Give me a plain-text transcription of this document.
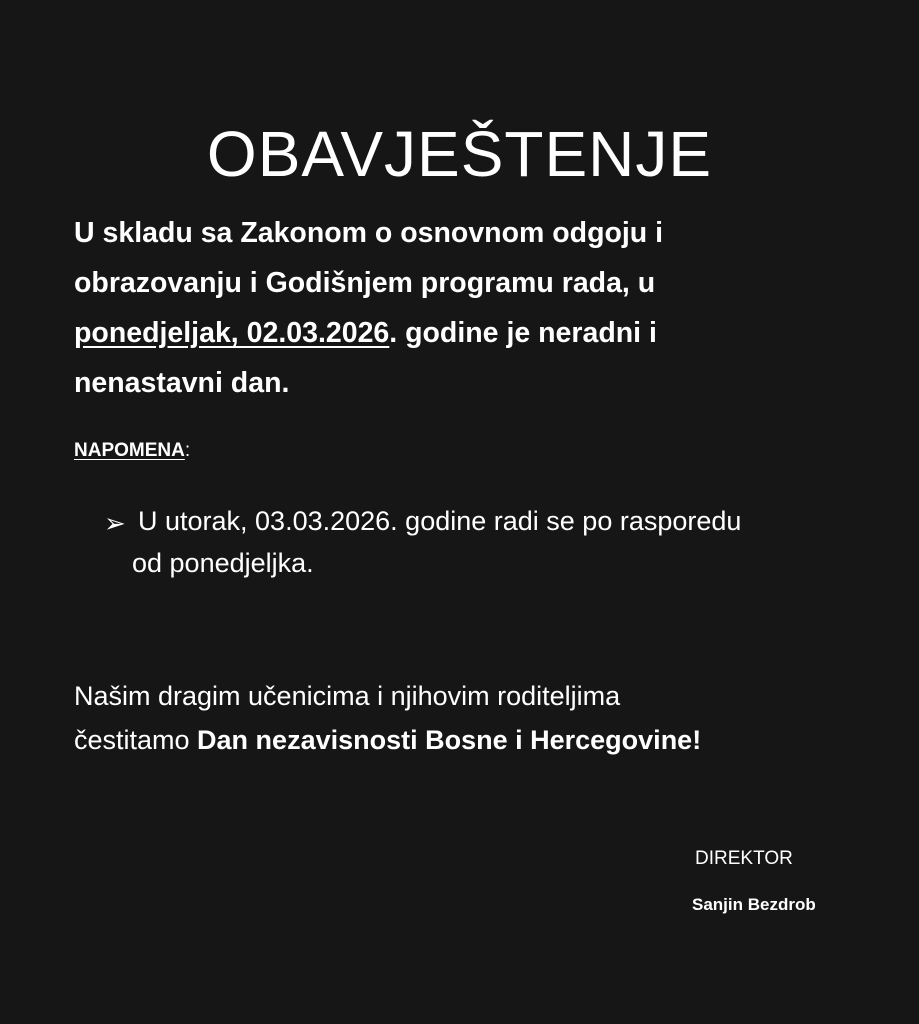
OBAVJEŠTENJE
U skladu sa Zakonom o osnovnom odgoju i
obrazovanju i Godišnjem programu rada, u
ponedjeljak, 02.03.2026. godine je neradni i
nenastavni dan.
NAPOMENA:
➢ U utorak, 03.03.2026. godine radi se po rasporedu
od ponedjeljka.
Našim dragim učenicima i njihovim roditeljima
čestitamo Dan nezavisnosti Bosne i Hercegovine!
DIREKTOR
Sanjin Bezdrob
